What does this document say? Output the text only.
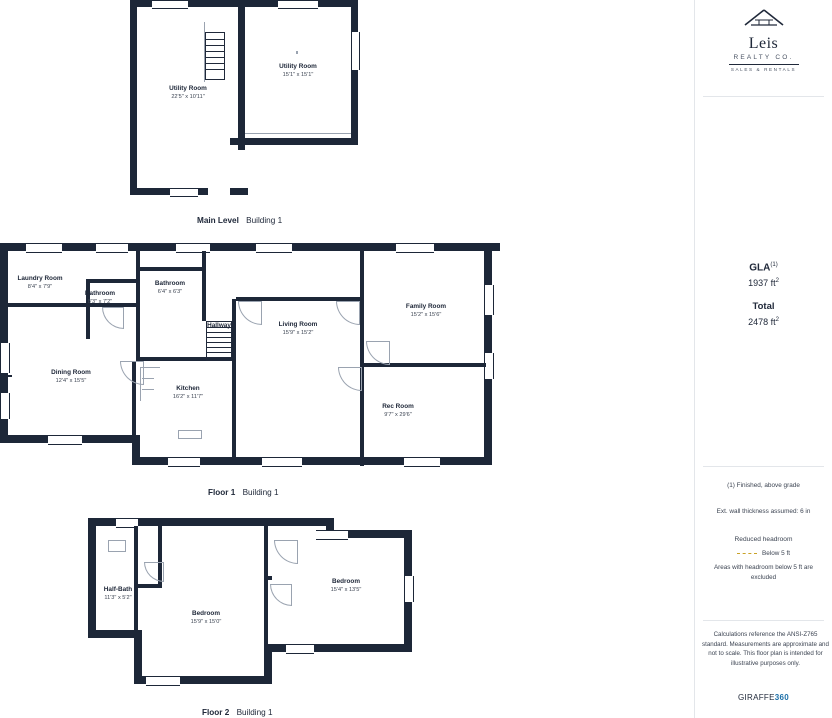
Utility Room
22'5" x 10'11"
Utility Room
15'1" x 15'1"
Main Level Building 1
Laundry Room
8'4" x 7'9"
Bathroom
8'3" x 7'2"
Bathroom
6'4" x 6'3"
Dining Room
12'4" x 15'5"
Kitchen
16'2" x 11'7"
Hallway	Living Room
15'9" x 15'2"
Family Room
15'2" x 15'6"
Rec Room
9'7" x 29'6"
Floor 1 Building 1
Half-Bath
11'3" x 5'2"
Bedroom
15'9" x 15'0"
Bedroom
15'4" x 13'5"
Floor 2 Building 1
Leis
REALTY CO.
SALES & RENTALS
GLA$^{(1)}$
1937 $ft^2$
Total
2478 $ft^2$
(1) Finished, above grade
Ext. wall thickness assumed: 6 in
Reduced headroom
Below 5 ft
Areas with headroom below 5 ft are excluded
Calculations reference the ANSI-Z765 standard. Measurements are approximate and not to scale. This floor plan is intended for illustrative purposes only.
GIRAFFE360
